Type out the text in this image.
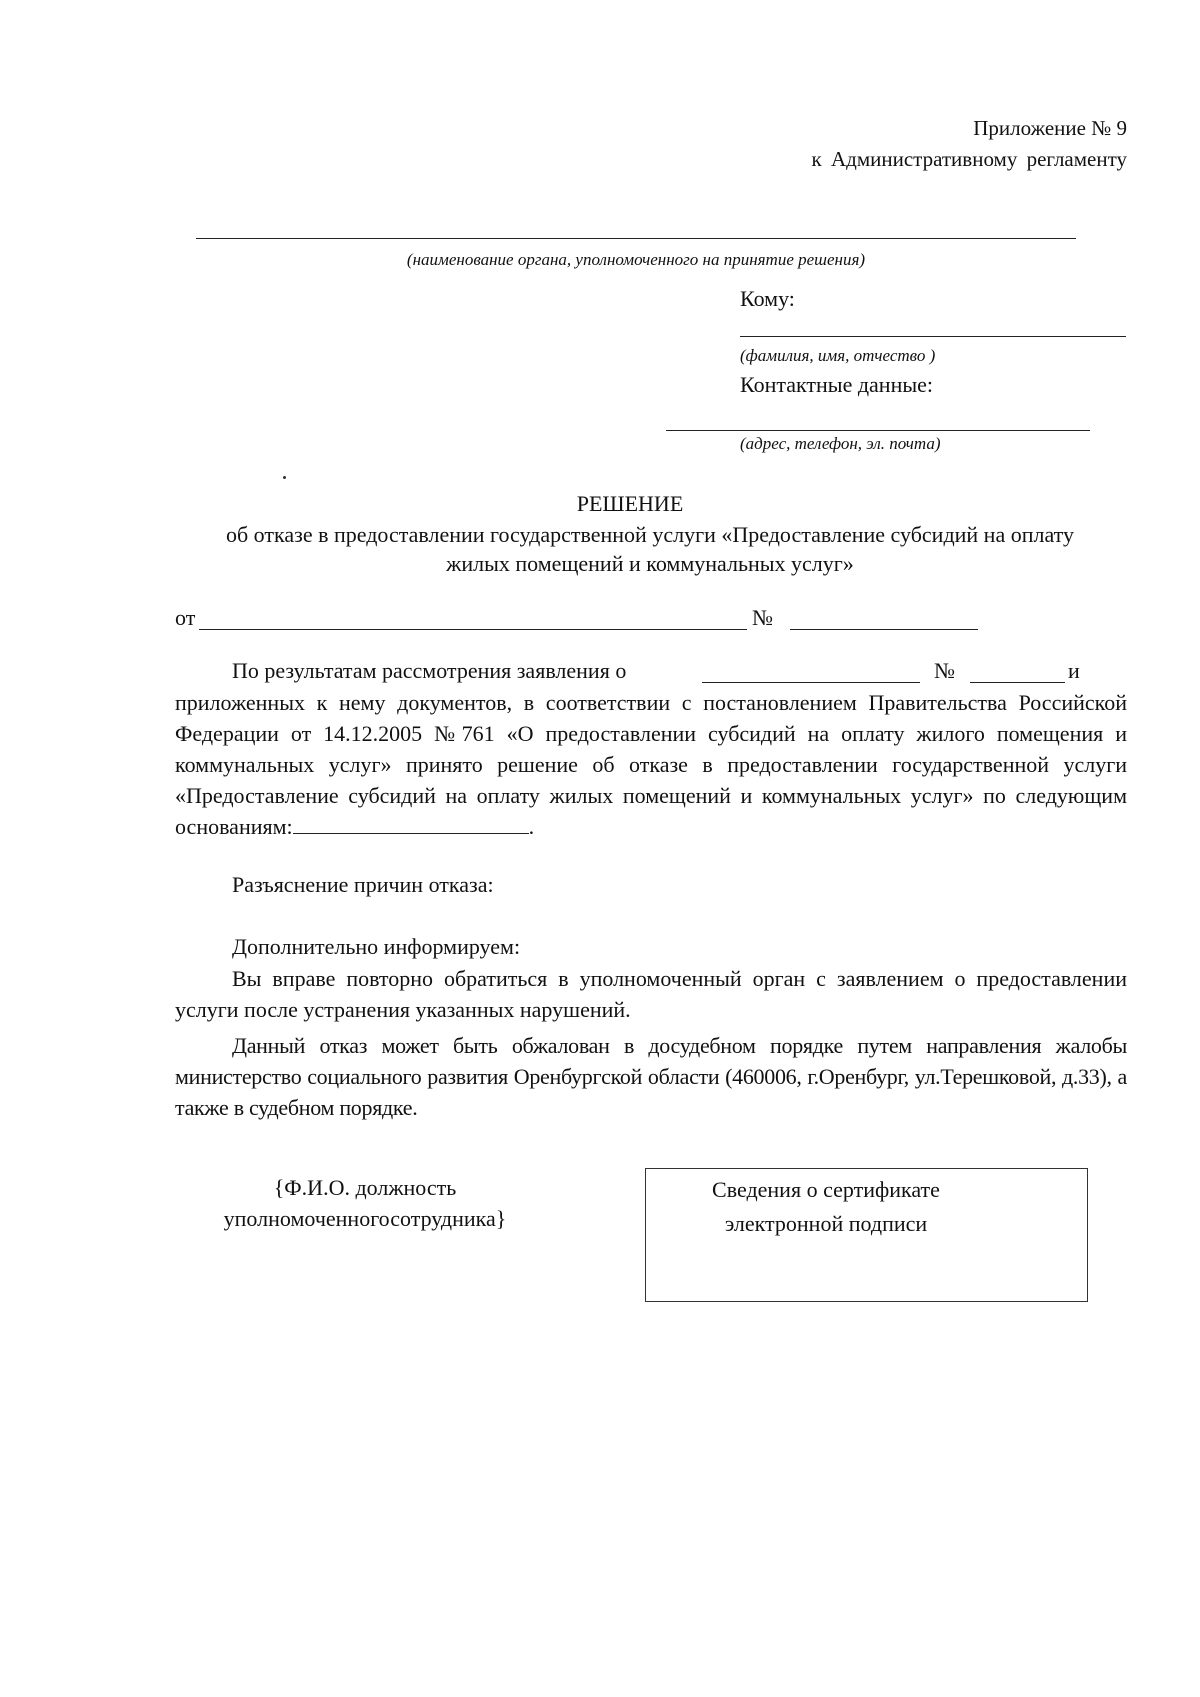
Приложение № 9
к Административному регламенту
(наименование органа, уполномоченного на принятие решения)
Кому:
(фамилия, имя, отчество )
Контактные данные:
(адрес, телефон, эл. почта)
РЕШЕНИЕ
об отказе в предоставлении государственной услуги «Предоставление субсидий на оплату
жилых помещений и коммунальных услуг»
от	№
По результатам рассмотрения заявления о	№	и
приложенных к нему документов, в соответствии с постановлением Правительства Российской Федерации от 14.12.2005 №761 «О предоставлении субсидий на оплату жилого помещения и коммунальных услуг» принято решение об отказе в предоставлении государственной услуги «Предоставление субсидий на оплату жилых помещений и коммунальных услуг» по следующим основаниям:	.
Разъяснение причин отказа:
Дополнительно информируем:
Вы вправе повторно обратиться в уполномоченный орган с заявлением о предоставлении услуги после устранения указанных нарушений.
Данный отказ может быть обжалован в досудебном порядке путем направления жалобы министерство социального развития Оренбургской области (460006, г.Оренбург, ул.Терешковой, д.33), а также в судебном порядке.
{Ф.И.О. должность
уполномоченногосотрудника}
Сведения о сертификате
электронной подписи
